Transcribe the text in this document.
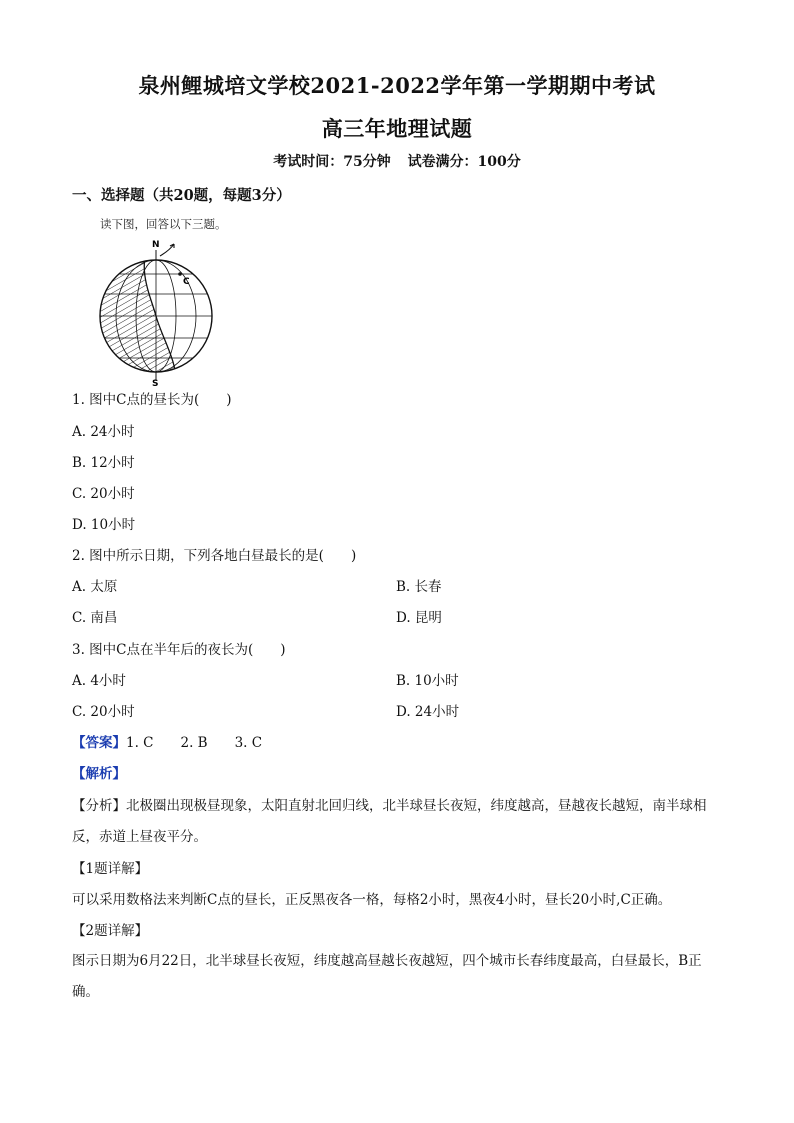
泉州鲤城培文学校2021-2022学年第一学期期中考试
高三年地理试题
考试时间：75分钟 试卷满分：100分
一、选择题（共20题，每题3分）
读下图，回答以下三题。
N
S
C
1. 图中C点的昼长为(　　)
A. 24小时
B. 12小时
C. 20小时
D. 10小时
2. 图中所示日期，下列各地白昼最长的是(　　)
A. 太原	B. 长春
C. 南昌	D. 昆明
3. 图中C点在半年后的夜长为(　　)
A. 4小时	B. 10小时
C. 20小时	D. 24小时
【答案】1. C　　2. B　　3. C
【解析】
【分析】北极圈出现极昼现象，太阳直射北回归线，北半球昼长夜短，纬度越高，昼越夜长越短，南半球相反，赤道上昼夜平分。
【1题详解】
可以采用数格法来判断C点的昼长，正反黑夜各一格，每格2小时，黑夜4小时，昼长20小时,C正确。
【2题详解】
图示日期为6月22日，北半球昼长夜短，纬度越高昼越长夜越短，四个城市长春纬度最高，白昼最长，B正确。
